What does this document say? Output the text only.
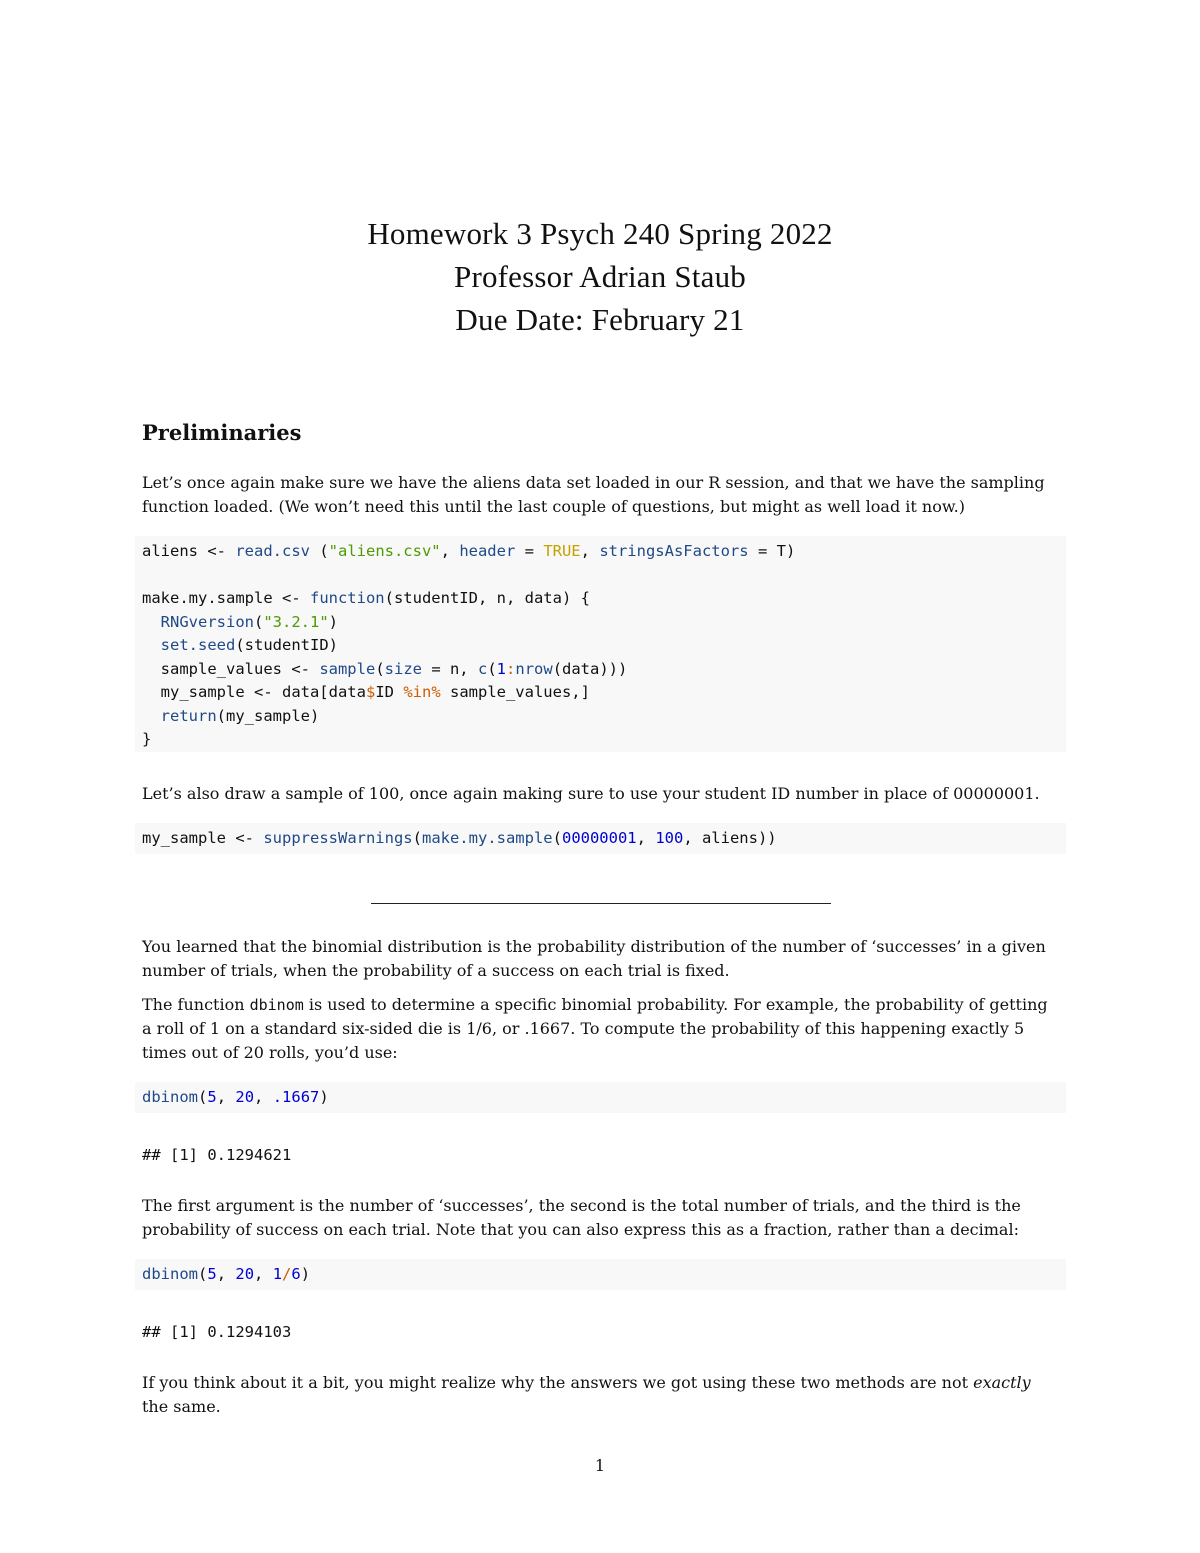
Homework 3 Psych 240 Spring 2022
Professor Adrian Staub
Due Date: February 21
Preliminaries
Let’s once again make sure we have the aliens data set loaded in our R session, and that we have the sampling function loaded. (We won’t need this until the last couple of questions, but might as well load it now.)
aliens <- read.csv ("aliens.csv", header = TRUE, stringsAsFactors = T)

make.my.sample <- function(studentID, n, data) {
RNGversion("3.2.1")
set.seed(studentID)
sample_values <- sample(size = n, c(1:nrow(data)))
my_sample <- data[data$ID %in% sample_values,]
return(my_sample)
}
Let’s also draw a sample of 100, once again making sure to use your student ID number in place of 00000001.
my_sample <- suppressWarnings(make.my.sample(00000001, 100, aliens))
You learned that the binomial distribution is the probability distribution of the number of ‘successes’ in a given number of trials, when the probability of a success on each trial is fixed.
The function dbinom is used to determine a specific binomial probability. For example, the probability of getting a roll of 1 on a standard six-sided die is 1/6, or .1667. To compute the probability of this happening exactly 5 times out of 20 rolls, you’d use:
dbinom(5, 20, .1667)
## [1] 0.1294621
The first argument is the number of ‘successes’, the second is the total number of trials, and the third is the probability of success on each trial. Note that you can also express this as a fraction, rather than a decimal:
dbinom(5, 20, 1/6)
## [1] 0.1294103
If you think about it a bit, you might realize why the answers we got using these two methods are not exactly the same.
1
